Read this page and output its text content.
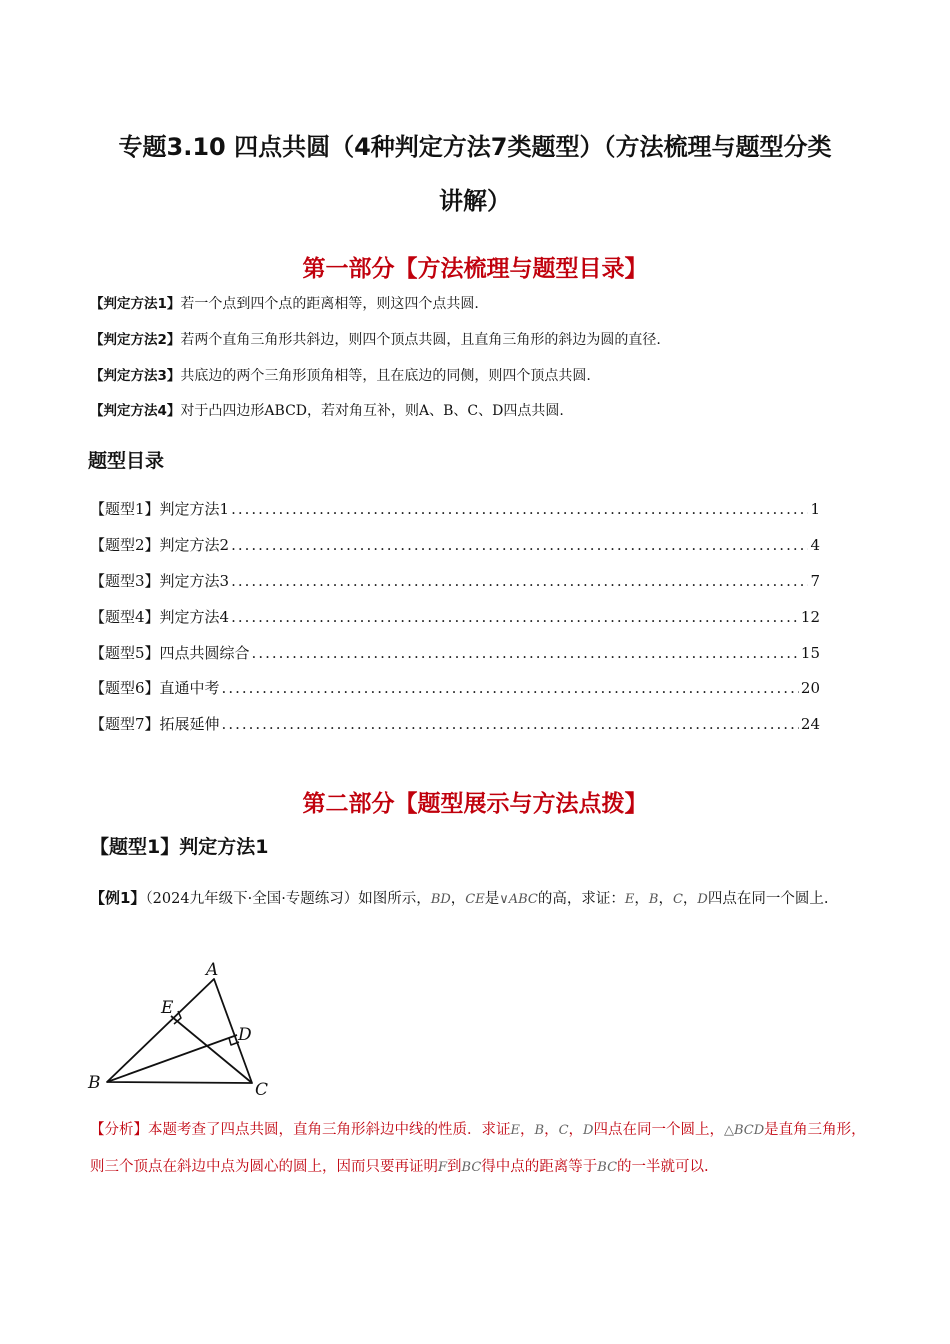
专题3.10 四点共圆（4种判定方法7类题型）（方法梳理与题型分类
讲解）
第一部分【方法梳理与题型目录】
【判定方法1】若一个点到四个点的距离相等，则这四个点共圆.
【判定方法2】若两个直角三角形共斜边，则四个顶点共圆，且直角三角形的斜边为圆的直径.
【判定方法3】共底边的两个三角形顶角相等，且在底边的同侧，则四个顶点共圆.
【判定方法4】对于凸四边形ABCD，若对角互补，则A、B、C、D四点共圆.
题型目录
【题型1】判定方法1 .....	1
【题型2】判定方法2 .....	4
【题型3】判定方法3 .....	7
【题型4】判定方法4 .....	12
【题型5】四点共圆综合 .....	15
【题型6】直通中考 .....	20
【题型7】拓展延伸 .....	24
第二部分【题型展示与方法点拨】
【题型1】判定方法1
【例1】（2024九年级下·全国·专题练习）如图所示，BD，CE是∨ABC的高，求证：E，B，C，D四点在同一个圆上.
A
B	C
D
E
【分析】本题考查了四点共圆，直角三角形斜边中线的性质．求证E，B，C，D四点在同一个圆上，△BCD是直角三角形，则三个顶点在斜边中点为圆心的圆上，因而只要再证明F到BC得中点的距离等于BC的一半就可以.
